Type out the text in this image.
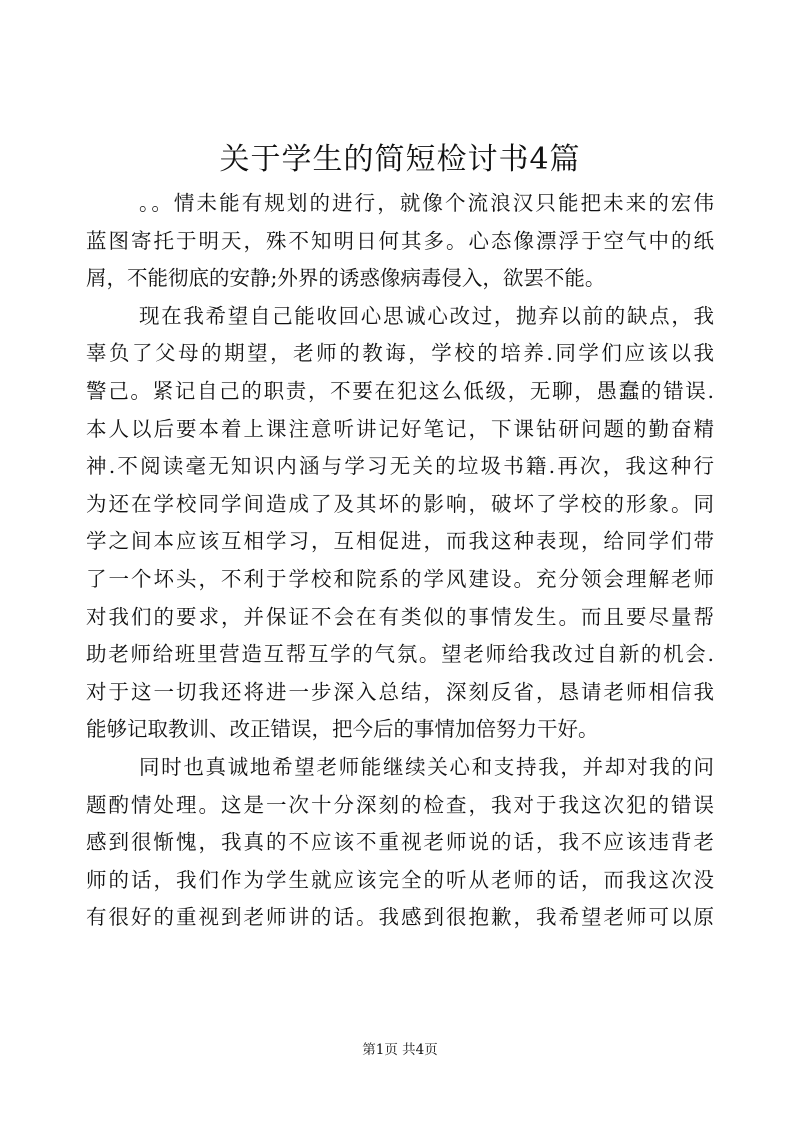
关于学生的简短检讨书4篇
。。情未能有规划的进行，就像个流浪汉只能把未来的宏伟
蓝图寄托于明天，殊不知明日何其多。心态像漂浮于空气中的纸
屑，不能彻底的安静;外界的诱惑像病毒侵入，欲罢不能。
现在我希望自己能收回心思诚心改过，抛弃以前的缺点，我
辜负了父母的期望，老师的教诲，学校的培养.同学们应该以我
警己。紧记自己的职责，不要在犯这么低级，无聊，愚蠢的错误.
本人以后要本着上课注意听讲记好笔记，下课钻研问题的勤奋精
神.不阅读毫无知识内涵与学习无关的垃圾书籍.再次，我这种行
为还在学校同学间造成了及其坏的影响，破坏了学校的形象。同
学之间本应该互相学习，互相促进，而我这种表现，给同学们带
了一个坏头，不利于学校和院系的学风建设。充分领会理解老师
对我们的要求，并保证不会在有类似的事情发生。而且要尽量帮
助老师给班里营造互帮互学的气氛。望老师给我改过自新的机会.
对于这一切我还将进一步深入总结，深刻反省，恳请老师相信我
能够记取教训、改正错误，把今后的事情加倍努力干好。
同时也真诚地希望老师能继续关心和支持我，并却对我的问
题酌情处理。这是一次十分深刻的检查，我对于我这次犯的错误
感到很惭愧，我真的不应该不重视老师说的话，我不应该违背老
师的话，我们作为学生就应该完全的听从老师的话，而我这次没
有很好的重视到老师讲的话。我感到很抱歉，我希望老师可以原
第1页 共4页
